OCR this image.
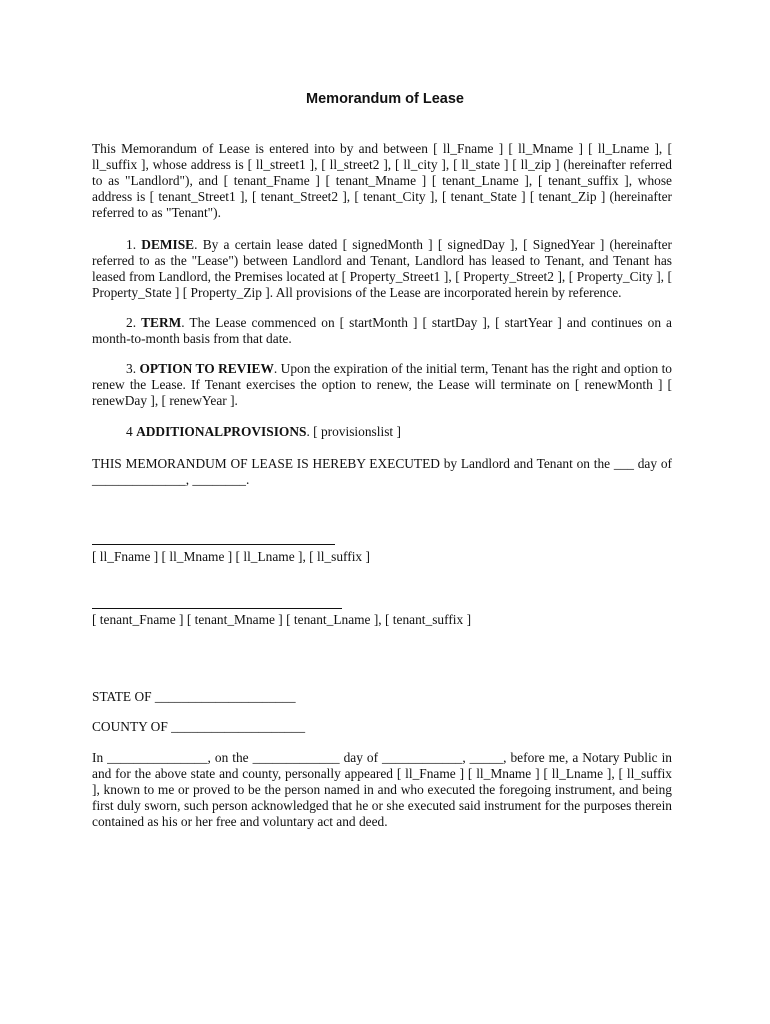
Memorandum of Lease

This Memorandum of Lease is entered into by and between [ ll_Fname ] [ ll_Mname ] [ ll_Lname ], [ ll_suffix ], whose address is [ ll_street1 ], [ ll_street2 ], [ ll_city ], [ ll_state ] [ ll_zip ] (hereinafter referred to as "Landlord"), and [ tenant_Fname ] [ tenant_Mname ] [ tenant_Lname ], [ tenant_suffix ], whose address is [ tenant_Street1 ], [ tenant_Street2 ], [ tenant_City ], [ tenant_State ] [ tenant_Zip ] (hereinafter referred to as "Tenant").

1. DEMISE. By a certain lease dated [ signedMonth ] [ signedDay ], [ SignedYear ] (hereinafter referred to as the "Lease") between Landlord and Tenant, Landlord has leased to Tenant, and Tenant has leased from Landlord, the Premises located at [ Property_Street1 ], [ Property_Street2 ], [ Property_City ], [ Property_State ] [ Property_Zip ]. All provisions of the Lease are incorporated herein by reference.

2. TERM. The Lease commenced on [ startMonth ] [ startDay ], [ startYear ] and continues on a month-to-month basis from that date.

3. OPTION TO REVIEW. Upon the expiration of the initial term, Tenant has the right and option to renew the Lease. If Tenant exercises the option to renew, the Lease will terminate on [ renewMonth ] [ renewDay ], [ renewYear ].

4 ADDITIONALPROVISIONS. [ provisionslist ]

THIS MEMORANDUM OF LEASE IS HEREBY EXECUTED by Landlord and Tenant on the ___ day of ______________, ________.

[ ll_Fname ] [ ll_Mname ] [ ll_Lname ], [ ll_suffix ]
[ tenant_Fname ] [ tenant_Mname ] [ tenant_Lname ], [ tenant_suffix ]
STATE OF _____________________
COUNTY OF ____________________
In _______________, on the _____________ day of ____________, _____, before me, a Notary Public in and for the above state and county, personally appeared [ ll_Fname ] [ ll_Mname ] [ ll_Lname ], [ ll_suffix ], known to me or proved to be the person named in and who executed the foregoing instrument, and being first duly sworn, such person acknowledged that he or she executed said instrument for the purposes therein contained as his or her free and voluntary act and deed.
